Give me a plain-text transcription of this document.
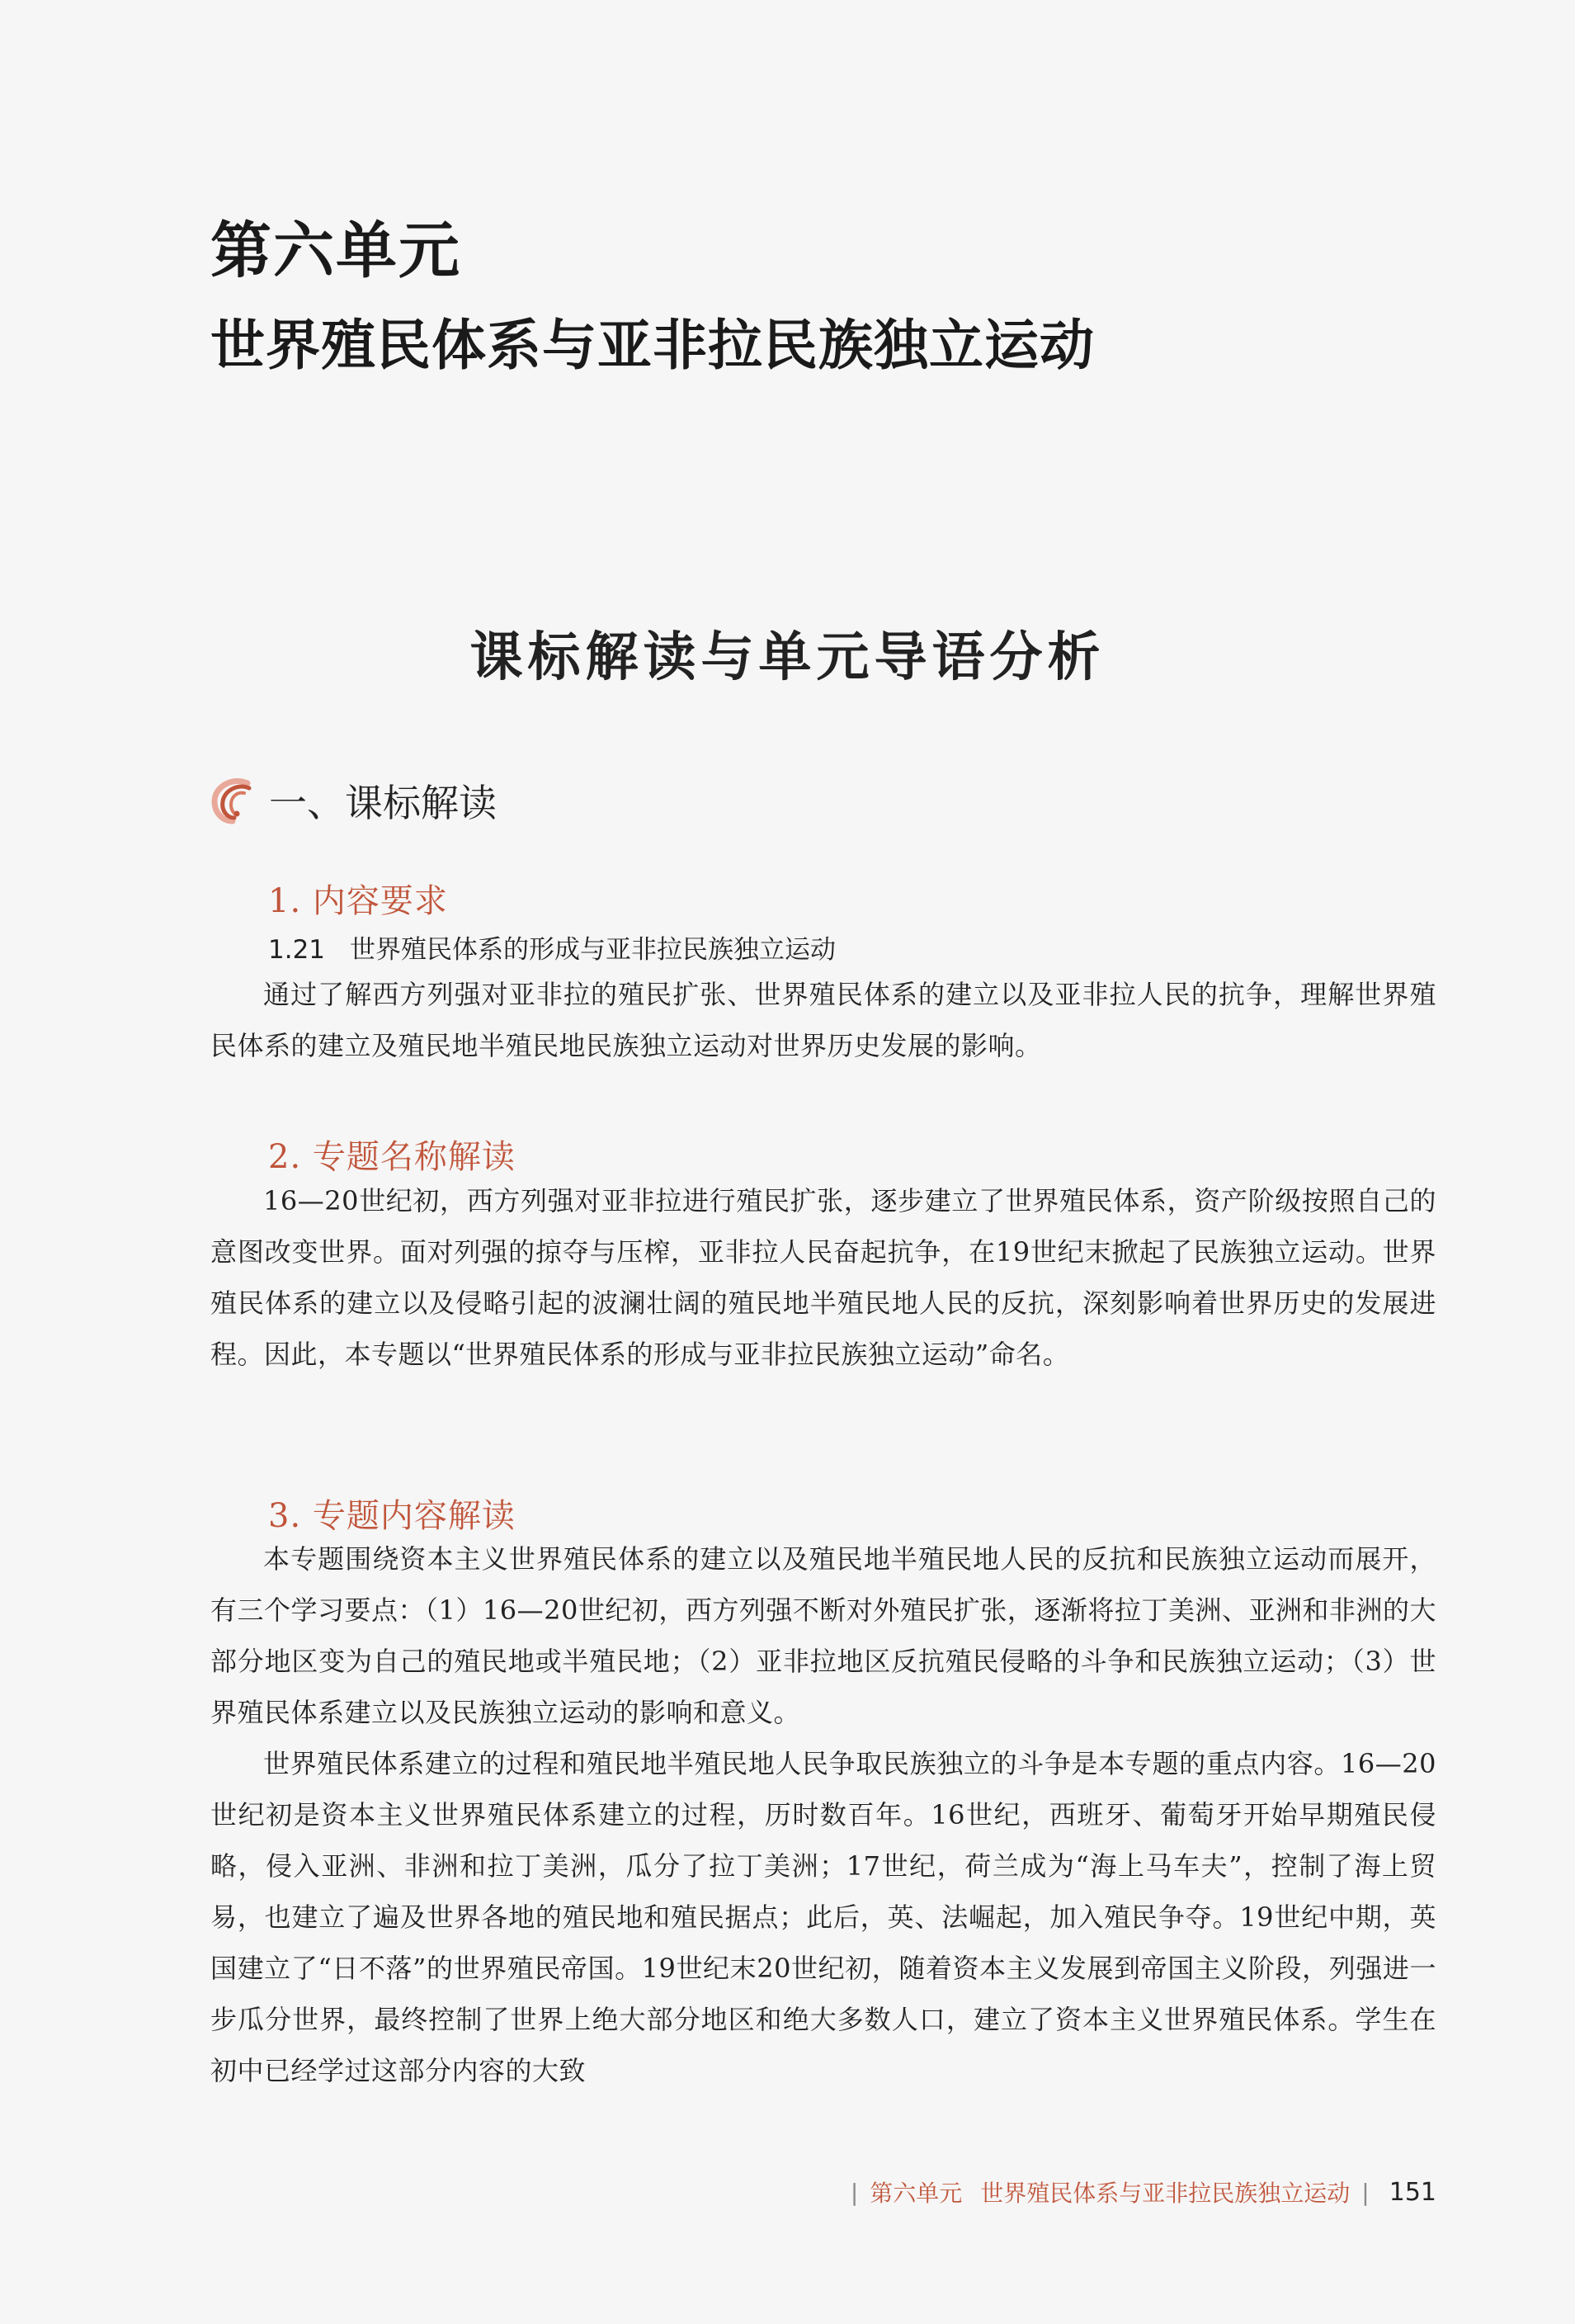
第六单元
世界殖民体系与亚非拉民族独立运动
课标解读与单元导语分析
一、课标解读
1. 内容要求
1.21 世界殖民体系的形成与亚非拉民族独立运动

通过了解西方列强对亚非拉的殖民扩张、世界殖民体系的建立以及亚非拉人民的抗争，理解世界殖民体系的建立及殖民地半殖民地民族独立运动对世界历史发展的影响。

2. 专题名称解读

16—20世纪初，西方列强对亚非拉进行殖民扩张，逐步建立了世界殖民体系，资产阶级按照自己的意图改变世界。面对列强的掠夺与压榨，亚非拉人民奋起抗争，在19世纪末掀起了民族独立运动。世界殖民体系的建立以及侵略引起的波澜壮阔的殖民地半殖民地人民的反抗，深刻影响着世界历史的发展进程。因此，本专题以“世界殖民体系的形成与亚非拉民族独立运动”命名。

3. 专题内容解读

本专题围绕资本主义世界殖民体系的建立以及殖民地半殖民地人民的反抗和民族独立运动而展开，有三个学习要点：（1）16—20世纪初，西方列强不断对外殖民扩张，逐渐将拉丁美洲、亚洲和非洲的大部分地区变为自己的殖民地或半殖民地；（2）亚非拉地区反抗殖民侵略的斗争和民族独立运动；（3）世界殖民体系建立以及民族独立运动的影响和意义。

世界殖民体系建立的过程和殖民地半殖民地人民争取民族独立的斗争是本专题的重点内容。16—20世纪初是资本主义世界殖民体系建立的过程，历时数百年。16世纪，西班牙、葡萄牙开始早期殖民侵略，侵入亚洲、非洲和拉丁美洲，瓜分了拉丁美洲；17世纪，荷兰成为“海上马车夫”，控制了海上贸易，也建立了遍及世界各地的殖民地和殖民据点；此后，英、法崛起，加入殖民争夺。19世纪中期，英国建立了“日不落”的世界殖民帝国。19世纪末20世纪初，随着资本主义发展到帝国主义阶段，列强进一步瓜分世界，最终控制了世界上绝大部分地区和绝大多数人口，建立了资本主义世界殖民体系。学生在初中已经学过这部分内容的大致

| 第六单元 世界殖民体系与亚非拉民族独立运动 | 151
